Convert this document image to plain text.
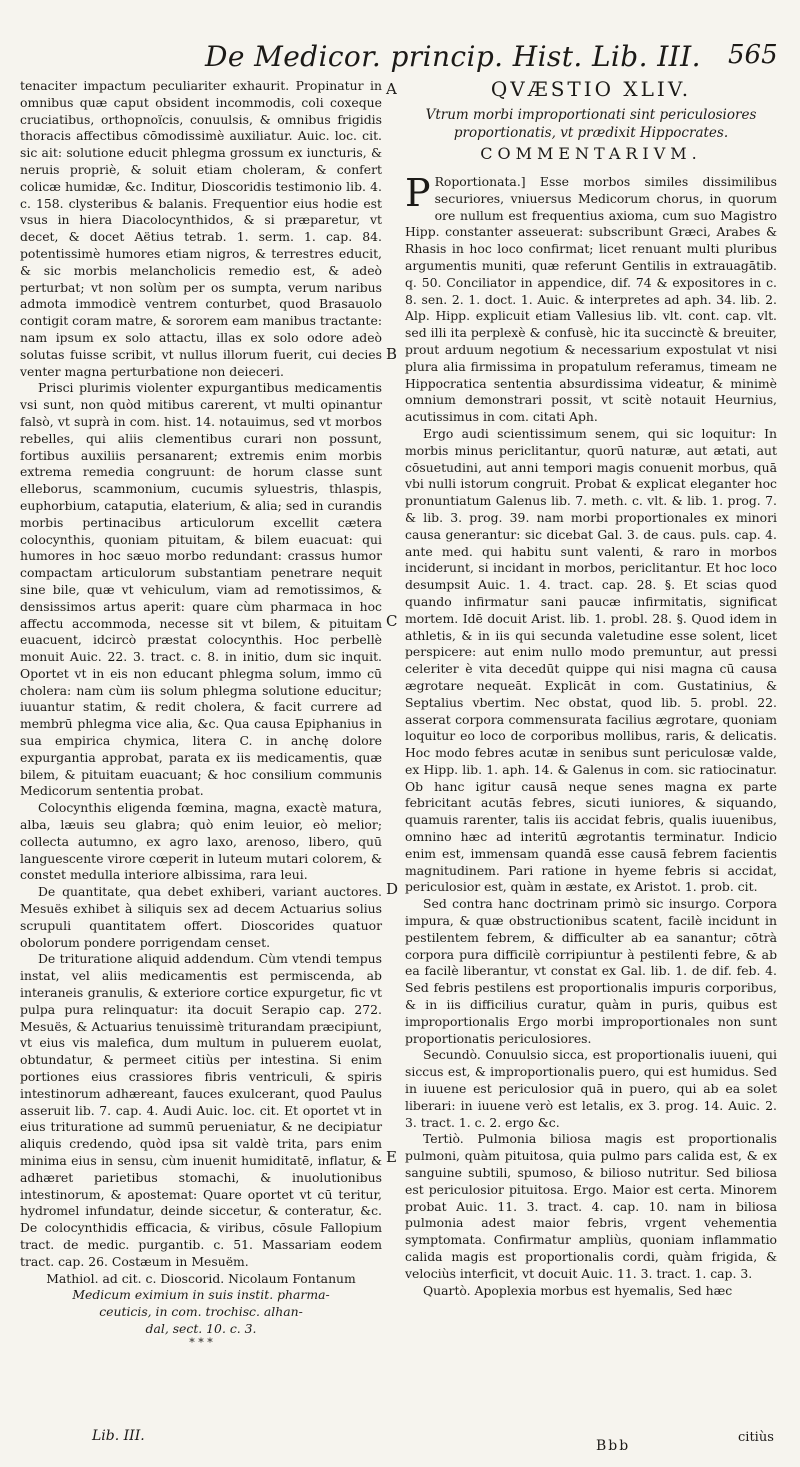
De Medicor. princip. Hist. Lib. III. 565
A
B
C
D
E

tenaciter impactum peculiariter exhaurit. Propinatur in omnibus quæ caput obsident incommodis, coli coxeque cruciatibus, orthopnoïcis, conuulsis, & omnibus frigidis thoracis affectibus cōmodissimè auxiliatur. Auic. loc. cit. sic ait: solutione educit phlegma grossum ex iuncturis, & neruis propriè, & soluit etiam choleram, & confert colicæ humidæ, &c. Inditur, Dioscoridis testimonio lib. 4. c. 158. clysteribus & balanis. Frequentior eius hodie est vsus in hiera Diacolocynthidos, & si præparetur, vt decet, & docet Aëtius tetrab. 1. serm. 1. cap. 84. potentissimè humores etiam nigros, & terrestres educit, & sic morbis melancholicis remedio est, & adeò perturbat; vt non solùm per os sumpta, verum naribus admota immodicè ventrem conturbet, quod Brasauolo contigit coram matre, & sororem eam manibus tractante: nam ipsum ex solo attactu, illas ex solo odore adeò solutas fuisse scribit, vt nullus illorum fuerit, cui decies venter magna perturbatione non deieceri.

Prisci plurimis violenter expurgantibus medicamentis vsi sunt, non quòd mitibus carerent, vt multi opinantur falsò, vt suprà in com. hist. 14. notauimus, sed vt morbos rebelles, qui aliis clementibus curari non possunt, fortibus auxiliis persanarent; extremis enim morbis extrema remedia congruunt: de horum classe sunt elleborus, scammonium, cucumis syluestris, thlaspis, euphorbium, cataputia, elaterium, & alia; sed in curandis morbis pertinacibus articulorum excellit cætera colocynthis, quoniam pituitam, & bilem euacuat: qui humores in hoc sæuo morbo redundant: crassus humor compactam articulorum substantiam penetrare nequit sine bile, quæ vt vehiculum, viam ad remotissimos, & densissimos artus aperit: quare cùm pharmaca in hoc affectu accommoda, necesse sit vt bilem, & pituitam euacuent, idcircò præstat colocynthis. Hoc perbellè monuit Auic. 22. 3. tract. c. 8. in initio, dum sic inquit. Oportet vt in eis non educant phlegma solum, immo cū cholera: nam cùm iis solum phlegma solutione educitur; iuuantur statim, & redit cholera, & facit currere ad membrū phlegma vice alia, &c. Qua causa Epiphanius in sua empirica chymica, litera C. in anchę dolore expurgantia approbat, parata ex iis medicamentis, quæ bilem, & pituitam euacuant; & hoc consilium communis Medicorum sententia probat.

Colocynthis eligenda fœmina, magna, exactè matura, alba, læuis seu glabra; quò enim leuior, eò melior; collecta autumno, ex agro laxo, arenoso, libero, quū languescente virore cœperit in luteum mutari colorem, & constet medulla interiore albissima, rara leui.

De quantitate, qua debet exhiberi, variant auctores. Mesuës exhibet à siliquis sex ad decem Actuarius solius scrupuli quantitatem offert. Dioscorides quatuor obolorum pondere porrigendam censet.

De trituratione aliquid addendum. Cùm vtendi tempus instat, vel aliis medicamentis est permiscenda, ab interaneis granulis, & exteriore cortice expurgetur, fic vt pulpa pura relinquatur: ita docuit Serapio cap. 272. Mesuës, & Actuarius tenuissimè triturandam præcipiunt, vt eius vis malefica, dum multum in puluerem euolat, obtundatur, & permeet citiùs per intestina. Si enim portiones eius crassiores fibris ventriculi, & spiris intestinorum adhæreant, fauces exulcerant, quod Paulus asseruit lib. 7. cap. 4. Audi Auic. loc. cit. Et oportet vt in eius trituratione ad summū perueniatur, & ne decipiatur aliquis credendo, quòd ipsa sit valdè trita, pars enim minima eius in sensu, cùm inuenit humiditatē, inflatur, & adhæret parietibus stomachi, & inuolutionibus intestinorum, & apostemat: Quare oportet vt cū teritur, hydromel infundatur, deinde siccetur, & conteratur, &c. De colocynthidis efficacia, & viribus, cōsule Fallopium tract. de medic. purgantib. c. 51. Massariam eodem tract. cap. 26. Costæum in Mesuëm.

Mathiol. ad cit. c. Dioscorid. Nicolaum Fontanum

Medicum eximium in suis instit. pharma-

ceuticis, in com. trochisc. alhan-

dal, sect. 10. c. 3.

* * *

QVÆSTIO XLIV.

Vtrum morbi improportionati sint periculosiores proportionatis, vt prædixit Hippocrates.

COMMENTARIVM.

P Roportionata.] Esse morbos similes dissimilibus securiores, vniuersus Medicorum chorus, in quorum ore nullum est frequentius axioma, cum suo Magistro Hipp. constanter asseuerat: subscribunt Græci, Arabes & Rhasis in hoc loco confirmat; licet renuant multi pluribus argumentis muniti, quæ referunt Gentilis in extrauagātib. q. 50. Conciliator in appendice, dif. 74 & expositores in c. 8. sen. 2. 1. doct. 1. Auic. & interpretes ad aph. 34. lib. 2. Alp. Hipp. explicuit etiam Vallesius lib. vlt. cont. cap. vlt. sed illi ita perplexè & confusè, hic ita succinctè & breuiter, prout arduum negotium & necessarium expostulat vt nisi plura alia firmissima in propatulum referamus, timeam ne Hippocratica sententia absurdissima videatur, & minimè omnium demonstrari possit, vt scitè notauit Heurnius, acutissimus in com. citati Aph.

Ergo audi scientissimum senem, qui sic loquitur: In morbis minus periclitantur, quorū naturæ, aut ætati, aut cōsuetudini, aut anni tempori magis conuenit morbus, quā vbi nulli istorum congruit. Probat & explicat eleganter hoc pronuntiatum Galenus lib. 7. meth. c. vlt. & lib. 1. prog. 7. & lib. 3. prog. 39. nam morbi proportionales ex minori causa generantur: sic dicebat Gal. 3. de caus. puls. cap. 4. ante med. qui habitu sunt valenti, & raro in morbos inciderunt, si incidant in morbos, periclitantur. Et hoc loco desumpsit Auic. 1. 4. tract. cap. 28. §. Et scias quod quando infirmatur sani paucæ infirmitatis, significat mortem. Idē docuit Arist. lib. 1. probl. 28. §. Quod idem in athletis, & in iis qui secunda valetudine esse solent, licet perspicere: aut enim nullo modo premuntur, aut pressi celeriter è vita decedūt quippe qui nisi magna cū causa ægrotare nequeāt. Explicāt in com. Gustatinius, & Septalius vbertim. Nec obstat, quod lib. 5. probl. 22. asserat corpora commensurata facilius ægrotare, quoniam loquitur eo loco de corporibus mollibus, raris, & delicatis. Hoc modo febres acutæ in senibus sunt periculosæ valde, ex Hipp. lib. 1. aph. 14. & Galenus in com. sic ratiocinatur. Ob hanc igitur causā neque senes magna ex parte febricitant acutās febres, sicuti iuniores, & siquando, quamuis rarenter, talis iis accidat febris, qualis iuuenibus, omnino hæc ad interitū ægrotantis terminatur. Indicio enim est, immensam quandā esse causā febrem facientis magnitudinem. Pari ratione in hyeme febris si accidat, periculosior est, quàm in æstate, ex Aristot. 1. prob. cit.

Sed contra hanc doctrinam primò sic insurgo. Corpora impura, & quæ obstructionibus scatent, facilè incidunt in pestilentem febrem, & difficulter ab ea sanantur; cōtrà corpora pura difficilè corripiuntur à pestilenti febre, & ab ea facilè liberantur, vt constat ex Gal. lib. 1. de dif. feb. 4. Sed febris pestilens est proportionalis impuris corporibus, & in iis difficilius curatur, quàm in puris, quibus est improportionalis Ergo morbi improportionales non sunt proportionatis periculosiores.

Secundò. Conuulsio sicca, est proportionalis iuueni, qui siccus est, & improportionalis puero, qui est humidus. Sed in iuuene est periculosior quā in puero, qui ab ea solet liberari: in iuuene verò est letalis, ex 3. prog. 14. Auic. 2. 3. tract. 1. c. 2. ergo &c.

Tertiò. Pulmonia biliosa magis est proportionalis pulmoni, quàm pituitosa, quia pulmo pars calida est, & ex sanguine subtili, spumoso, & bilioso nutritur. Sed biliosa est periculosior pituitosa. Ergo. Maior est certa. Minorem probat Auic. 11. 3. tract. 4. cap. 10. nam in biliosa pulmonia adest maior febris, vrgent vehementia symptomata. Confirmatur ampliùs, quoniam inflammatio calida magis est proportionalis cordi, quàm frigida, & velociùs interficit, vt docuit Auic. 11. 3. tract. 1. cap. 3.

Quartò. Apoplexia morbus est hyemalis, Sed hæc

Lib. III.
Bbb
citiùs
